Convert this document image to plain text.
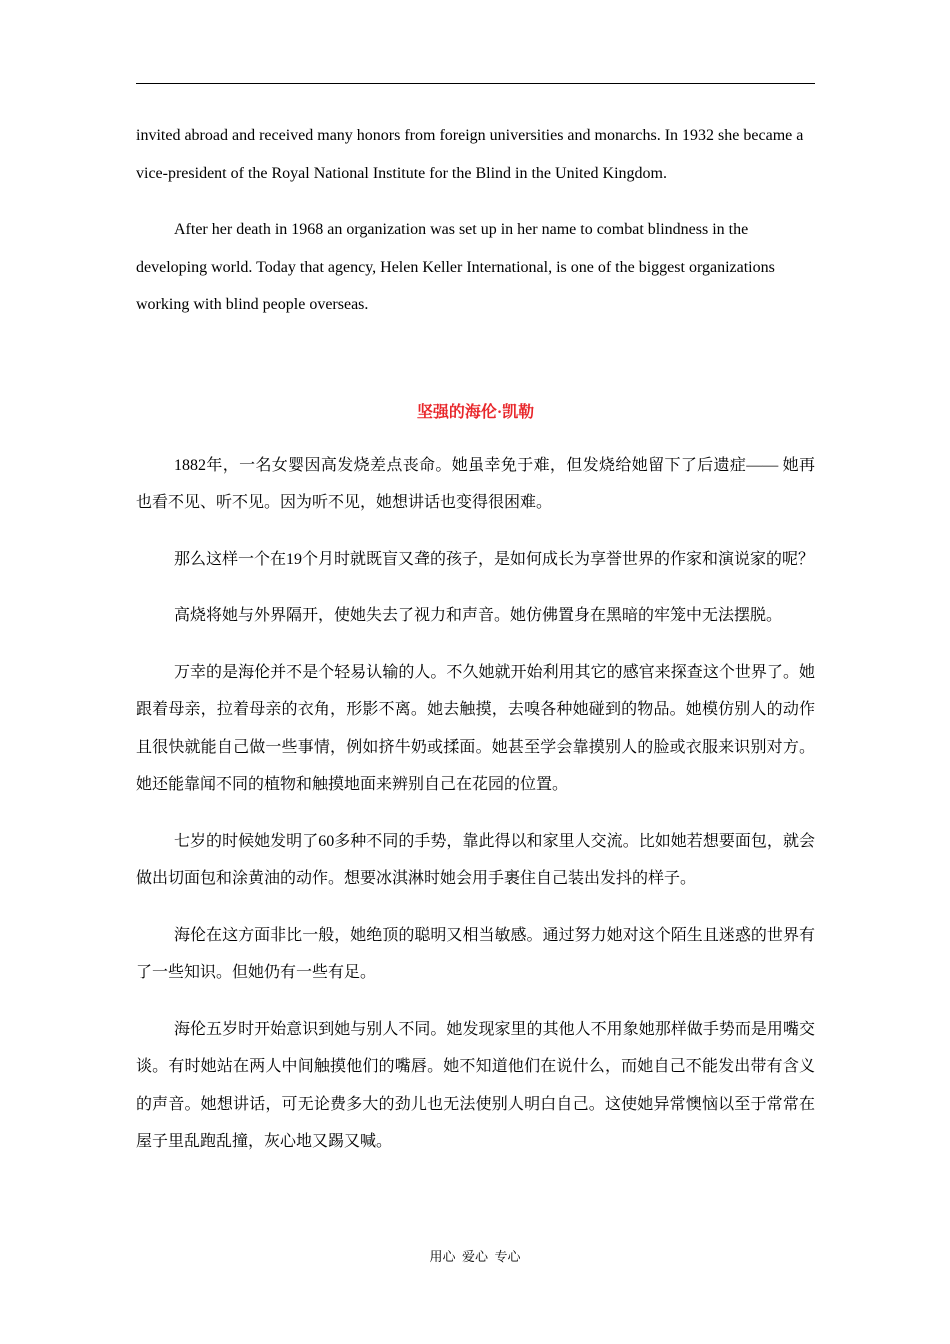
invited abroad and received many honors from foreign universities and monarchs. In 1932 she became a vice-president of the Royal National Institute for the Blind in the United Kingdom.

After her death in 1968 an organization was set up in her name to combat blindness in the developing world. Today that agency, Helen Keller International, is one of the biggest organizations working with blind people overseas.

坚强的海伦·凯勒

1882年，一名女婴因高发烧差点丧命。她虽幸免于难，但发烧给她留下了后遗症—— 她再也看不见、听不见。因为听不见，她想讲话也变得很困难。

那么这样一个在19个月时就既盲又聋的孩子，是如何成长为享誉世界的作家和演说家的呢？

高烧将她与外界隔开，使她失去了视力和声音。她仿佛置身在黑暗的牢笼中无法摆脱。

万幸的是海伦并不是个轻易认输的人。不久她就开始利用其它的感官来探查这个世界了。她跟着母亲，拉着母亲的衣角，形影不离。她去触摸，去嗅各种她碰到的物品。她模仿别人的动作且很快就能自己做一些事情，例如挤牛奶或揉面。她甚至学会靠摸别人的脸或衣服来识别对方。她还能靠闻不同的植物和触摸地面来辨别自己在花园的位置。

七岁的时候她发明了60多种不同的手势，靠此得以和家里人交流。比如她若想要面包，就会做出切面包和涂黄油的动作。想要冰淇淋时她会用手裹住自己装出发抖的样子。

海伦在这方面非比一般，她绝顶的聪明又相当敏感。通过努力她对这个陌生且迷惑的世界有了一些知识。但她仍有一些有足。

海伦五岁时开始意识到她与别人不同。她发现家里的其他人不用象她那样做手势而是用嘴交谈。有时她站在两人中间触摸他们的嘴唇。她不知道他们在说什么，而她自己不能发出带有含义的声音。她想讲话，可无论费多大的劲儿也无法使别人明白自己。这使她异常懊恼以至于常常在屋子里乱跑乱撞，灰心地又踢又喊。

用心  爱心  专心
